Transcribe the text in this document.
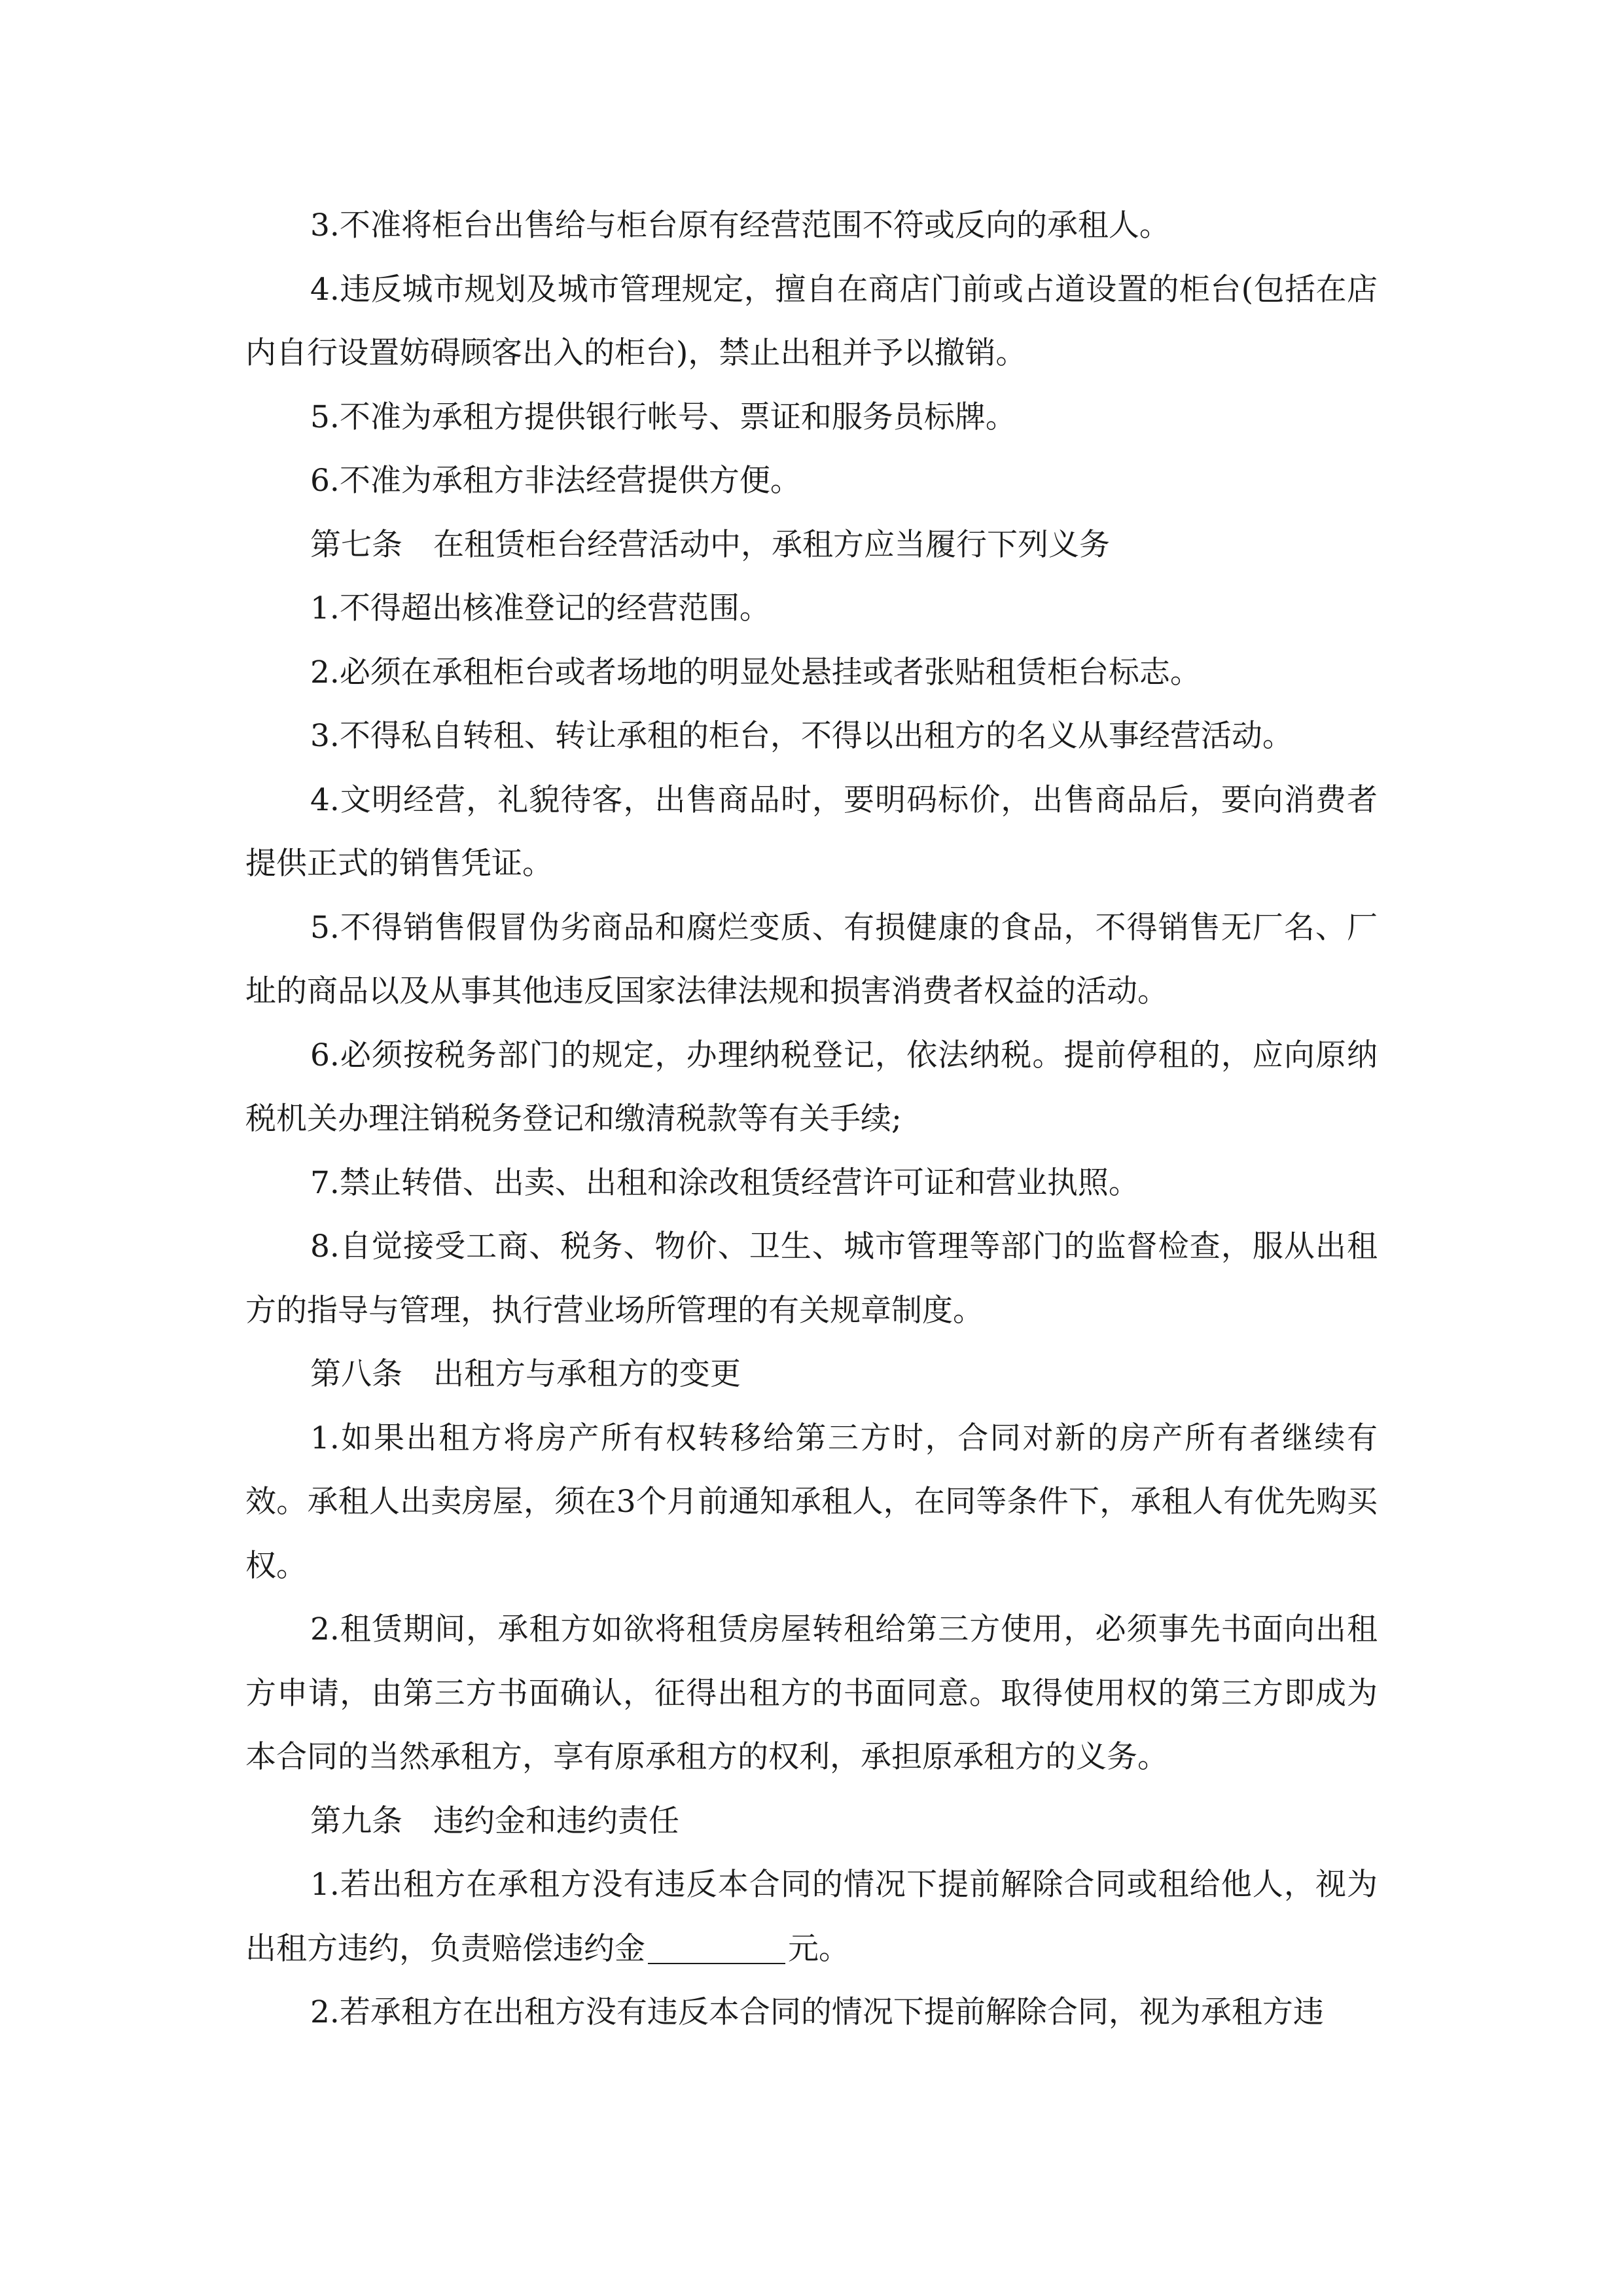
3.不准将柜台出售给与柜台原有经营范围不符或反向的承租人。

4.违反城市规划及城市管理规定，擅自在商店门前或占道设置的柜台(包括在店内自行设置妨碍顾客出入的柜台)，禁止出租并予以撤销。

5.不准为承租方提供银行帐号、票证和服务员标牌。

6.不准为承租方非法经营提供方便。

第七条 在租赁柜台经营活动中，承租方应当履行下列义务

1.不得超出核准登记的经营范围。

2.必须在承租柜台或者场地的明显处悬挂或者张贴租赁柜台标志。

3.不得私自转租、转让承租的柜台，不得以出租方的名义从事经营活动。

4.文明经营，礼貌待客，出售商品时，要明码标价，出售商品后，要向消费者提供正式的销售凭证。

5.不得销售假冒伪劣商品和腐烂变质、有损健康的食品，不得销售无厂名、厂址的商品以及从事其他违反国家法律法规和损害消费者权益的活动。

6.必须按税务部门的规定，办理纳税登记，依法纳税。提前停租的，应向原纳税机关办理注销税务登记和缴清税款等有关手续;

7.禁止转借、出卖、出租和涂改租赁经营许可证和营业执照。

8.自觉接受工商、税务、物价、卫生、城市管理等部门的监督检查，服从出租方的指导与管理，执行营业场所管理的有关规章制度。

第八条 出租方与承租方的变更

1.如果出租方将房产所有权转移给第三方时，合同对新的房产所有者继续有效。承租人出卖房屋，须在3个月前通知承租人，在同等条件下，承租人有优先购买权。

2.租赁期间，承租方如欲将租赁房屋转租给第三方使用，必须事先书面向出租方申请，由第三方书面确认，征得出租方的书面同意。取得使用权的第三方即成为本合同的当然承租方，享有原承租方的权利，承担原承租方的义务。

第九条 违约金和违约责任

1.若出租方在承租方没有违反本合同的情况下提前解除合同或租给他人，视为出租方违约，负责赔偿违约金	元。

2.若承租方在出租方没有违反本合同的情况下提前解除合同，视为承租方违
